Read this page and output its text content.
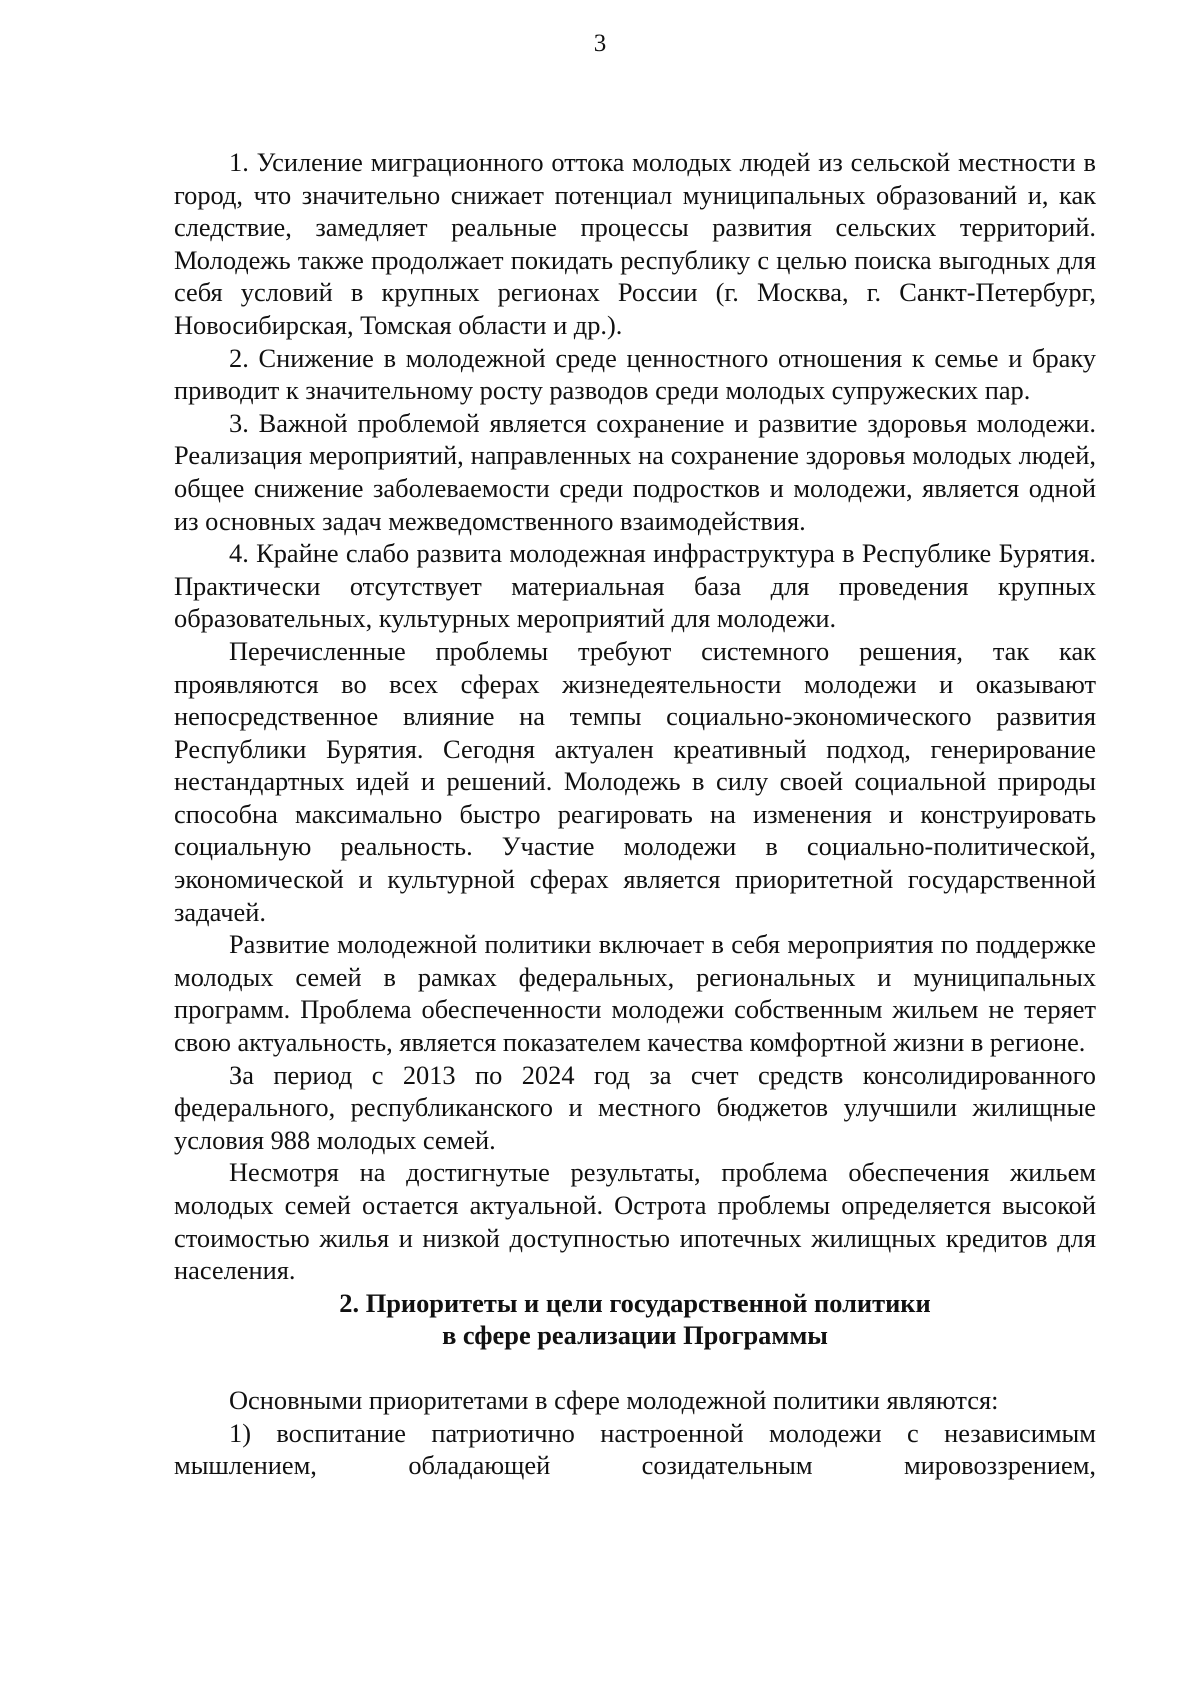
3

1. Усиление миграционного оттока молодых людей из сельской местности в город, что значительно снижает потенциал муниципальных образований и, как следствие, замедляет реальные процессы развития сельских территорий. Молодежь также продолжает покидать республику с целью поиска выгодных для себя условий в крупных регионах России (г. Москва, г. Санкт-Петербург, Новосибирская, Томская области и др.).

2. Снижение в молодежной среде ценностного отношения к семье и браку приводит к значительному росту разводов среди молодых супружеских пар.

3. Важной проблемой является сохранение и развитие здоровья молодежи. Реализация мероприятий, направленных на сохранение здоровья молодых людей, общее снижение заболеваемости среди подростков и молодежи, является одной из основных задач межведомственного взаимодействия.

4. Крайне слабо развита молодежная инфраструктура в Республике Бурятия. Практически отсутствует материальная база для проведения крупных образовательных, культурных мероприятий для молодежи.

Перечисленные проблемы требуют системного решения, так как проявляются во всех сферах жизнедеятельности молодежи и оказывают непосредственное влияние на темпы социально-экономического развития Республики Бурятия. Сегодня актуален креативный подход, генерирование нестандартных идей и решений. Молодежь в силу своей социальной природы способна максимально быстро реагировать на изменения и конструировать социальную реальность. Участие молодежи в социально-политической, экономической и культурной сферах является приоритетной государственной задачей.

Развитие молодежной политики включает в себя мероприятия по поддержке молодых семей в рамках федеральных, региональных и муниципальных программ. Проблема обеспеченности молодежи собственным жильем не теряет свою актуальность, является показателем качества комфортной жизни в регионе.

За период с 2013 по 2024 год за счет средств консолидированного федерального, республиканского и местного бюджетов улучшили жилищные условия 988 молодых семей.

Несмотря на достигнутые результаты, проблема обеспечения жильем молодых семей остается актуальной. Острота проблемы определяется высокой стоимостью жилья и низкой доступностью ипотечных жилищных кредитов для населения.

2. Приоритеты и цели государственной политики

в сфере реализации Программы

Основными приоритетами в сфере молодежной политики являются:

1) воспитание патриотично настроенной молодежи с независимым мышлением, обладающей созидательным мировоззрением,
